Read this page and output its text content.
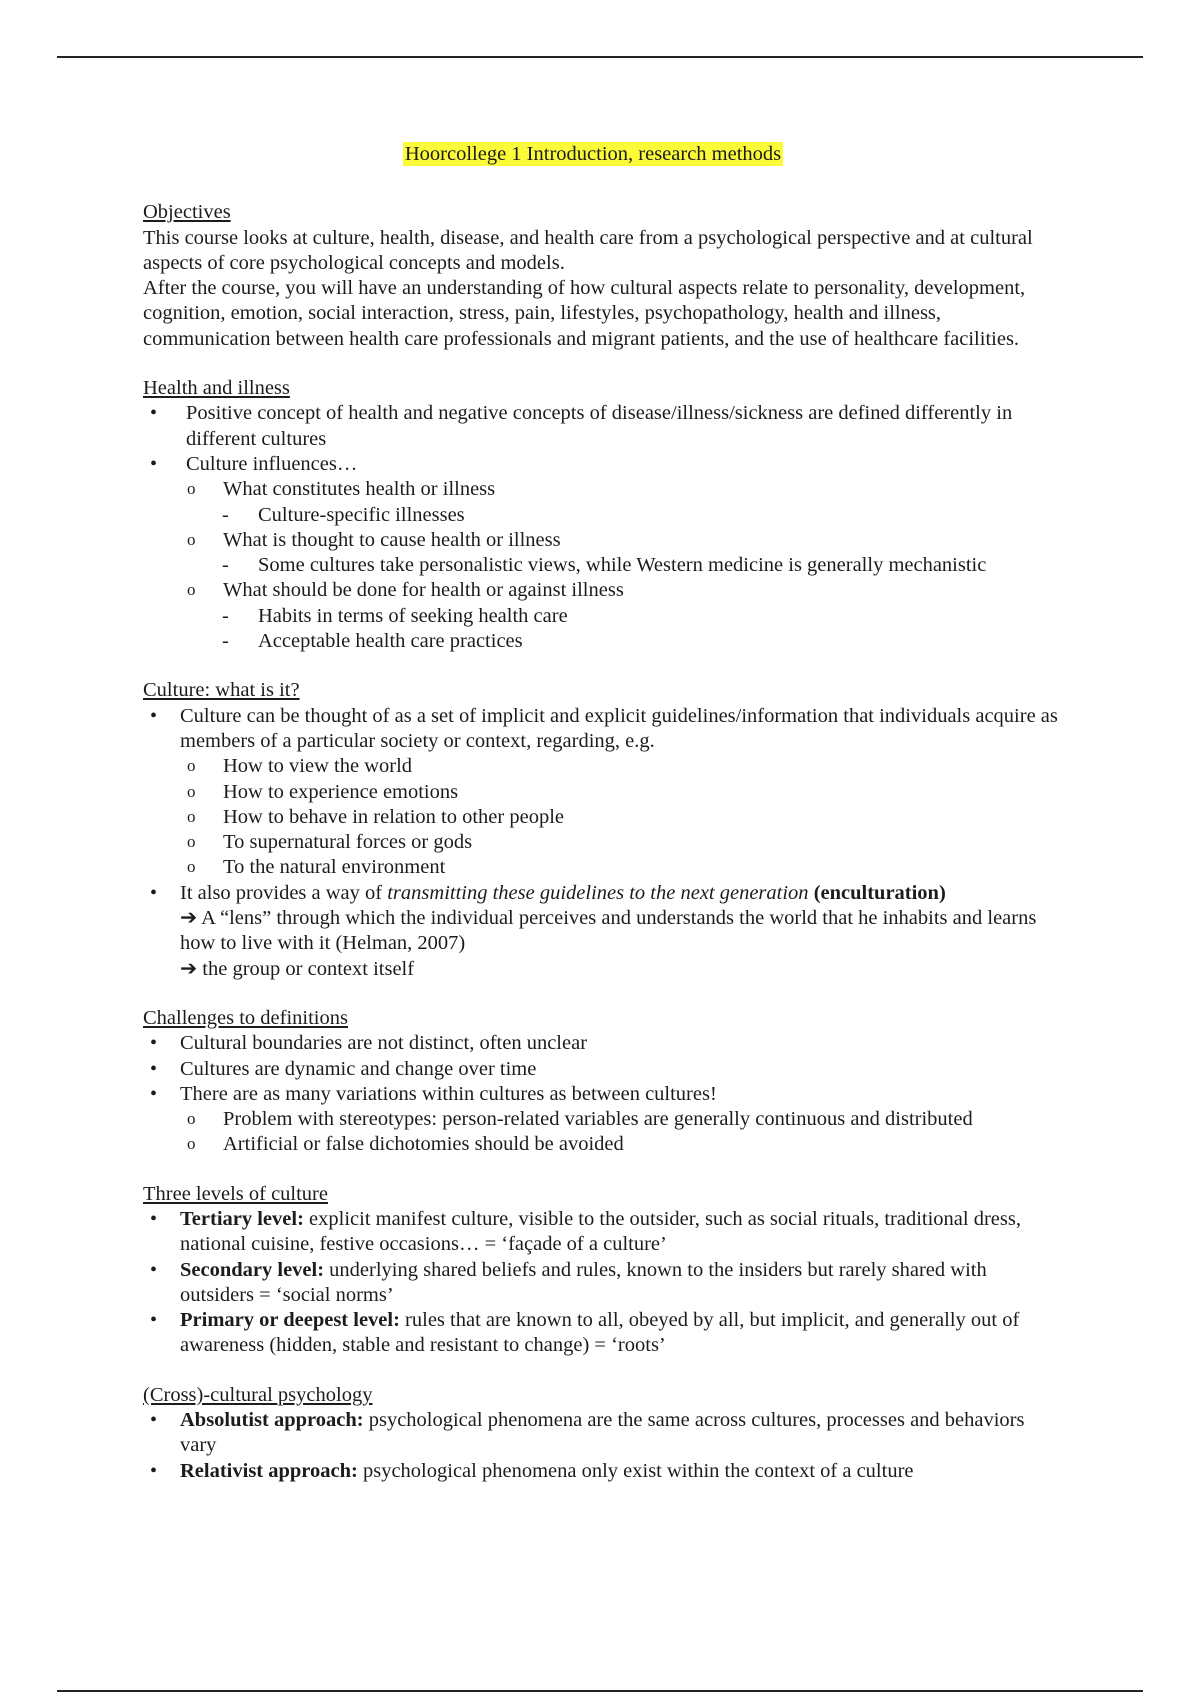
Hoorcollege 1 Introduction, research methods
Objectives

This course looks at culture, health, disease, and health care from a psychological perspective and at cultural aspects of core psychological concepts and models.

After the course, you will have an understanding of how cultural aspects relate to personality, development, cognition, emotion, social interaction, stress, pain, lifestyles, psychopathology, health and illness, communication between health care professionals and migrant patients, and the use of healthcare facilities.

Health and illness
• Positive concept of health and negative concepts of disease/illness/sickness are defined differently in different cultures
• Culture influences…
o What constitutes health or illness
- Culture-specific illnesses
o What is thought to cause health or illness
- Some cultures take personalistic views, while Western medicine is generally mechanistic
o What should be done for health or against illness
- Habits in terms of seeking health care
- Acceptable health care practices
Culture: what is it?
• Culture can be thought of as a set of implicit and explicit guidelines/information that individuals acquire as members of a particular society or context, regarding, e.g.
o How to view the world
o How to experience emotions
o How to behave in relation to other people
o To supernatural forces or gods
o To the natural environment
• It also provides a way of transmitting these guidelines to the next generation (enculturation)
➔ A “lens” through which the individual perceives and understands the world that he inhabits and learns how to live with it (Helman, 2007)
➔ the group or context itself
Challenges to definitions
• Cultural boundaries are not distinct, often unclear
• Cultures are dynamic and change over time
• There are as many variations within cultures as between cultures!
o Problem with stereotypes: person-related variables are generally continuous and distributed
o Artificial or false dichotomies should be avoided
Three levels of culture
• Tertiary level: explicit manifest culture, visible to the outsider, such as social rituals, traditional dress, national cuisine, festive occasions… = ‘façade of a culture’
• Secondary level: underlying shared beliefs and rules, known to the insiders but rarely shared with outsiders = ‘social norms’
• Primary or deepest level: rules that are known to all, obeyed by all, but implicit, and generally out of awareness (hidden, stable and resistant to change) = ‘roots’
(Cross)-cultural psychology
• Absolutist approach: psychological phenomena are the same across cultures, processes and behaviors vary
• Relativist approach: psychological phenomena only exist within the context of a culture
